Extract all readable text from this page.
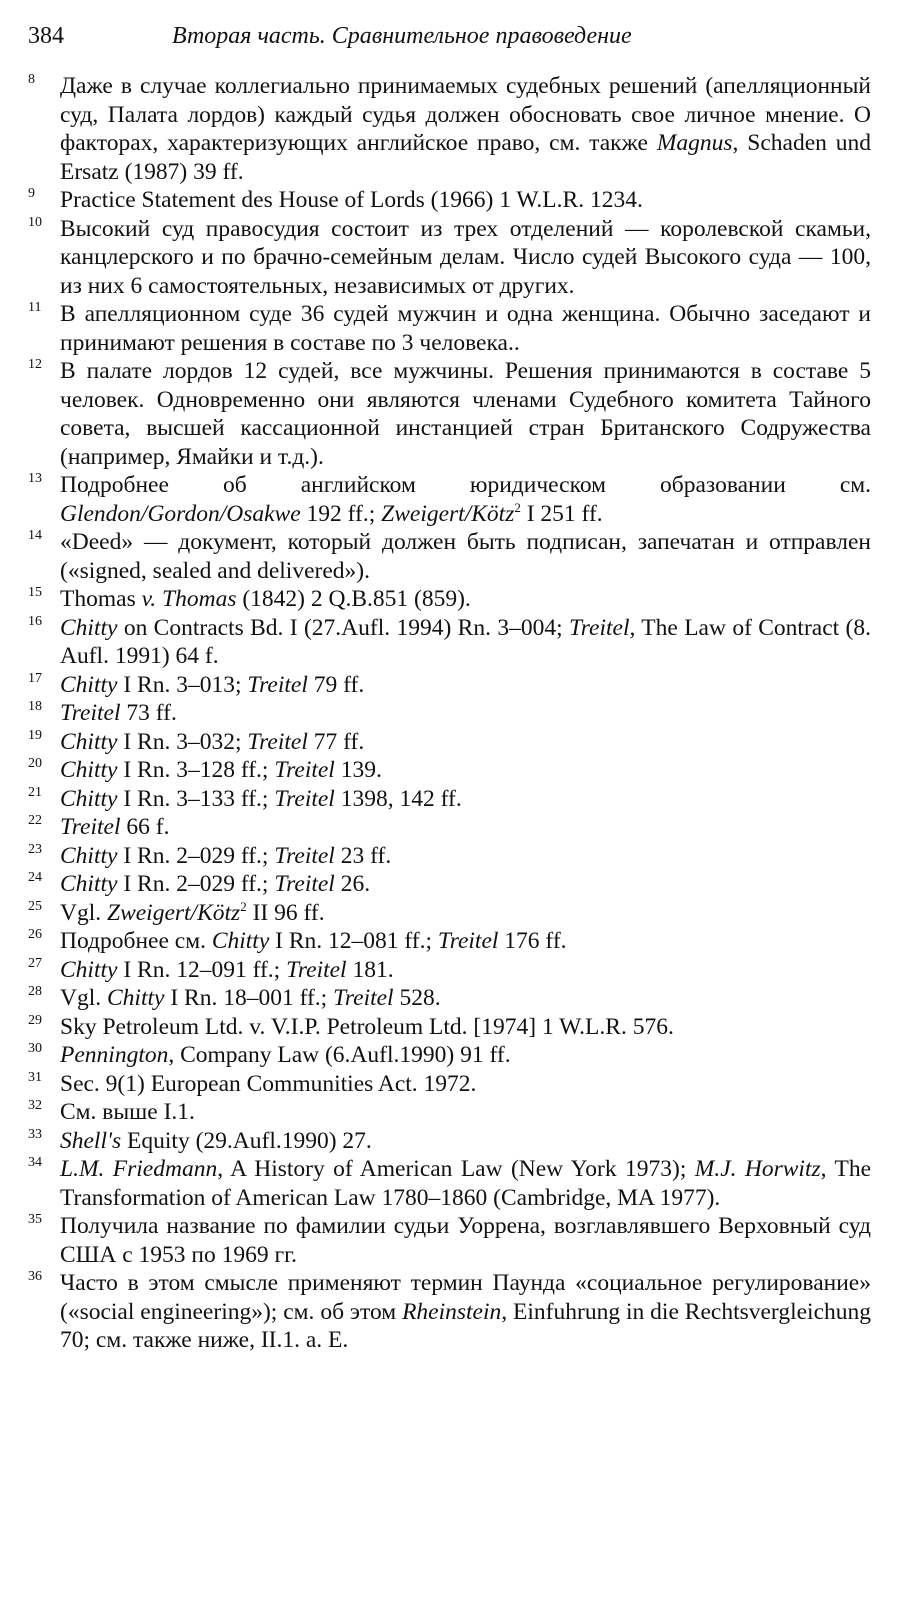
384	Вторая часть. Сравнительное правоведение
8 Даже в случае коллегиально принимаемых судебных решений (апелляционный суд, Палата лордов) каждый судья должен обосновать свое личное мнение. О факторах, характеризующих английское право, см. также Magnus, Schaden und Ersatz (1987) 39 ff.
9 Practice Statement des House of Lords (1966) 1 W.L.R. 1234.
10 Высокий суд правосудия состоит из трех отделений — королевской скамьи, канцлерского и по брачно-семейным делам. Число судей Высокого суда — 100, из них 6 самостоятельных, независимых от других.
11 В апелляционном суде 36 судей мужчин и одна женщина. Обычно заседают и принимают решения в составе по 3 человека..
12 В палате лордов 12 судей, все мужчины. Решения принимаются в составе 5 человек. Одновременно они являются членами Судебного комитета Тайного совета, высшей кассационной инстанцией стран Британского Содружества (например, Ямайки и т.д.).
13 Подробнее об английском юридическом образовании см. Glendon/Gordon/Osakwe 192 ff.; Zweigert/Kötz$^2$ I 251 ff.
14 «Deed» — документ, который должен быть подписан, запечатан и отправлен («signed, sealed and delivered»).
15 Thomas v. Thomas (1842) 2 Q.B.851 (859).
16 Chitty on Contracts Bd. I (27.Aufl. 1994) Rn. 3–004; Treitel, The Law of Contract (8. Aufl. 1991) 64 f.
17 Chitty I Rn. 3–013; Treitel 79 ff.
18 Treitel 73 ff.
19 Chitty I Rn. 3–032; Treitel 77 ff.
20 Chitty I Rn. 3–128 ff.; Treitel 139.
21 Chitty I Rn. 3–133 ff.; Treitel 1398, 142 ff.
22 Treitel 66 f.
23 Chitty I Rn. 2–029 ff.; Treitel 23 ff.
24 Chitty I Rn. 2–029 ff.; Treitel 26.
25 Vgl. Zweigert/Kötz$^2$ II 96 ff.
26 Подробнее см. Chitty I Rn. 12–081 ff.; Treitel 176 ff.
27 Chitty I Rn. 12–091 ff.; Treitel 181.
28 Vgl. Chitty I Rn. 18–001 ff.; Treitel 528.
29 Sky Petroleum Ltd. v. V.I.P. Petroleum Ltd. [1974] 1 W.L.R. 576.
30 Pennington, Company Law (6.Aufl.1990) 91 ff.
31 Sec. 9(1) European Communities Act. 1972.
32 См. выше I.1.
33 Shell's Equity (29.Aufl.1990) 27.
34 L.M. Friedmann, A History of American Law (New York 1973); M.J. Horwitz, The Transformation of American Law 1780–1860 (Cambridge, MA 1977).
35 Получила название по фамилии судьи Уоррена, возглавлявшего Верховный суд США с 1953 по 1969 гг.
36 Часто в этом смысле применяют термин Паунда «социальное регулирование» («social engineering»); см. об этом Rheinstein, Einfuhrung in die Rechtsvergleichung 70; см. также ниже, II.1. а. Е.
